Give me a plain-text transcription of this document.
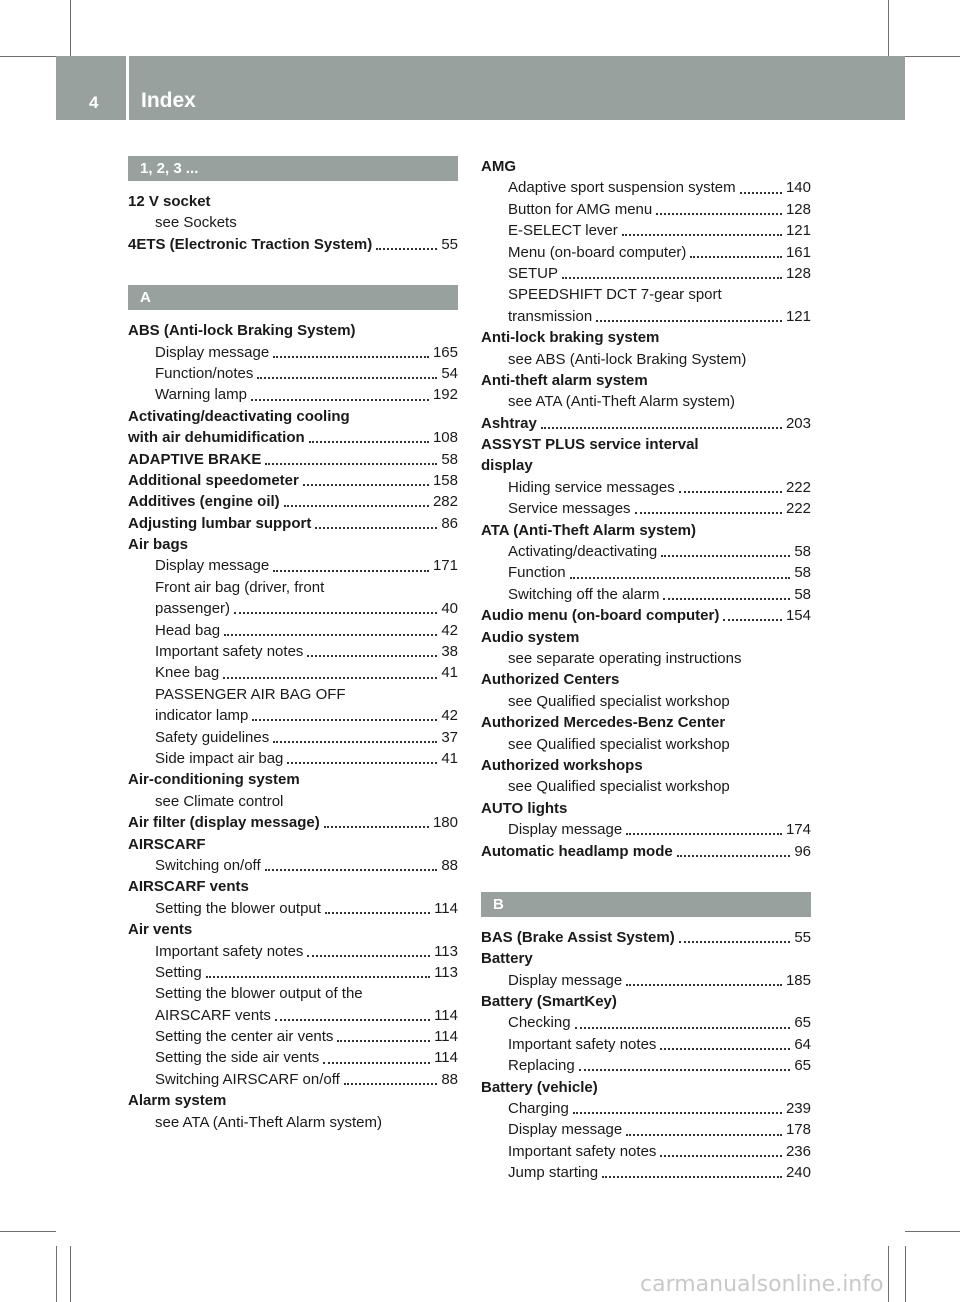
4 Index
1, 2, 3 ...
12 V socket
see Sockets
4ETS (Electronic Traction System)	55
A
ABS (Anti-lock Braking System)
Display message	165
Function/notes	54
Warning lamp	192
Activating/deactivating cooling
with air dehumidification	108
ADAPTIVE BRAKE	58
Additional speedometer	158
Additives (engine oil)	282
Adjusting lumbar support	86
Air bags
Display message	171
Front air bag (driver, front
passenger)	40
Head bag	42
Important safety notes	38
Knee bag	41
PASSENGER AIR BAG OFF
indicator lamp	42
Safety guidelines	37
Side impact air bag	41
Air-conditioning system
see Climate control
Air filter (display message)	180
AIRSCARF
Switching on/off	88
AIRSCARF vents
Setting the blower output	114
Air vents
Important safety notes	113
Setting	113
Setting the blower output of the
AIRSCARF vents	114
Setting the center air vents	114
Setting the side air vents	114
Switching AIRSCARF on/off	88
Alarm system
see ATA (Anti-Theft Alarm system)
AMG
Adaptive sport suspension system	140
Button for AMG menu	128
E-SELECT lever	121
Menu (on-board computer)	161
SETUP	128
SPEEDSHIFT DCT 7-gear sport
transmission	121
Anti-lock braking system
see ABS (Anti-lock Braking System)
Anti-theft alarm system
see ATA (Anti-Theft Alarm system)
Ashtray	203
ASSYST PLUS service interval
display
Hiding service messages	222
Service messages	222
ATA (Anti-Theft Alarm system)
Activating/deactivating	58
Function	58
Switching off the alarm	58
Audio menu (on-board computer)	154
Audio system
see separate operating instructions
Authorized Centers
see Qualified specialist workshop
Authorized Mercedes-Benz Center
see Qualified specialist workshop
Authorized workshops
see Qualified specialist workshop
AUTO lights
Display message	174
Automatic headlamp mode	96
B
BAS (Brake Assist System)	55
Battery
Display message	185
Battery (SmartKey)
Checking	65
Important safety notes	64
Replacing	65
Battery (vehicle)
Charging	239
Display message	178
Important safety notes	236
Jump starting	240
carmanualsonline.info
